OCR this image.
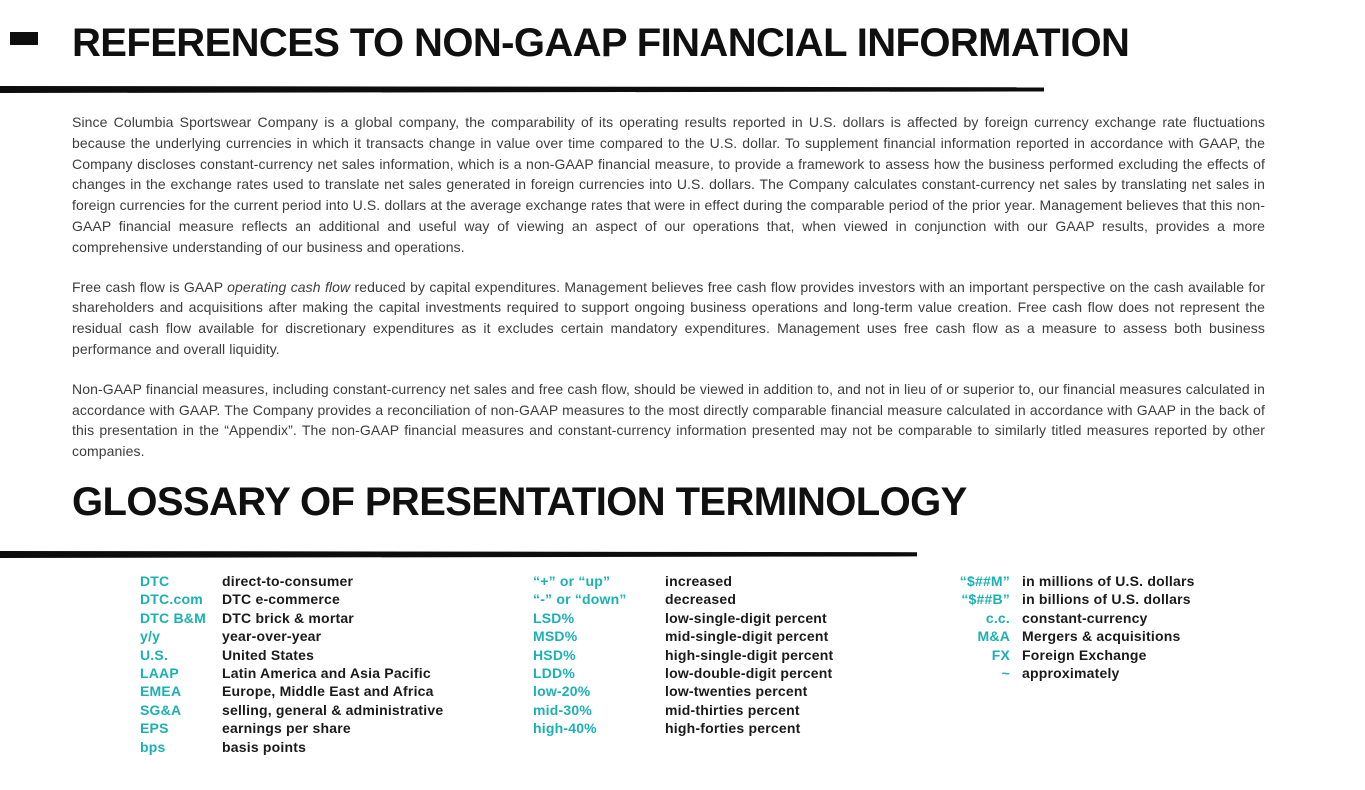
REFERENCES TO NON-GAAP FINANCIAL INFORMATION

Since Columbia Sportswear Company is a global company, the comparability of its operating results reported in U.S. dollars is affected by foreign currency exchange rate fluctuations because the underlying currencies in which it transacts change in value over time compared to the U.S. dollar. To supplement financial information reported in accordance with GAAP, the Company discloses constant-currency net sales information, which is a non-GAAP financial measure, to provide a framework to assess how the business performed excluding the effects of changes in the exchange rates used to translate net sales generated in foreign currencies into U.S. dollars. The Company calculates constant-currency net sales by translating net sales in foreign currencies for the current period into U.S. dollars at the average exchange rates that were in effect during the comparable period of the prior year. Management believes that this non-GAAP financial measure reflects an additional and useful way of viewing an aspect of our operations that, when viewed in conjunction with our GAAP results, provides a more comprehensive understanding of our business and operations.

Free cash flow is GAAP operating cash flow reduced by capital expenditures. Management believes free cash flow provides investors with an important perspective on the cash available for shareholders and acquisitions after making the capital investments required to support ongoing business operations and long-term value creation. Free cash flow does not represent the residual cash flow available for discretionary expenditures as it excludes certain mandatory expenditures. Management uses free cash flow as a measure to assess both business performance and overall liquidity.

Non-GAAP financial measures, including constant-currency net sales and free cash flow, should be viewed in addition to, and not in lieu of or superior to, our financial measures calculated in accordance with GAAP. The Company provides a reconciliation of non-GAAP measures to the most directly comparable financial measure calculated in accordance with GAAP in the back of this presentation in the “Appendix”. The non-GAAP financial measures and constant-currency information presented may not be comparable to similarly titled measures reported by other companies.

GLOSSARY OF PRESENTATION TERMINOLOGY
DTC	direct-to-consumer
DTC.com	DTC e-commerce
DTC B&M	DTC brick & mortar
y/y	year-over-year
U.S.	United States
LAAP	Latin America and Asia Pacific
EMEA	Europe, Middle East and Africa
SG&A	selling, general & administrative
EPS	earnings per share
bps	basis points
“+” or “up”	increased
“-” or “down”	decreased
LSD%	low-single-digit percent
MSD%	mid-single-digit percent
HSD%	high-single-digit percent
LDD%	low-double-digit percent
low-20%	low-twenties percent
mid-30%	mid-thirties percent
high-40%	high-forties percent
“$##M” in millions of U.S. dollars
“$##B” in billions of U.S. dollars
c.c. constant-currency
M&A Mergers & acquisitions
FX Foreign Exchange
~ approximately
